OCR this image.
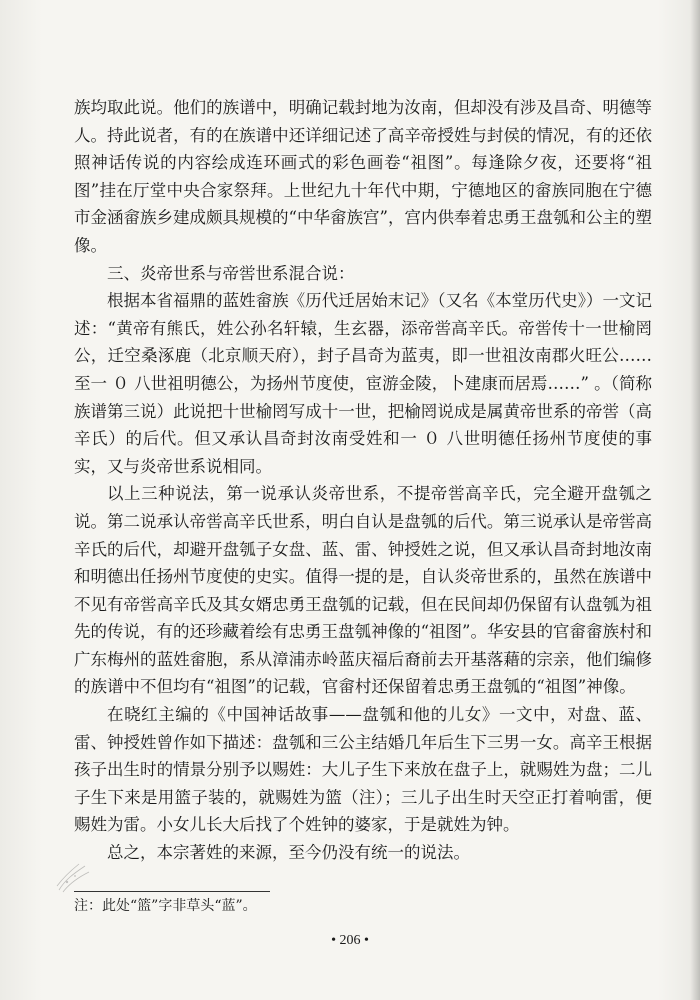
族均取此说。他们的族谱中，明确记载封地为汝南，但却没有涉及昌奇、明德等人。持此说者，有的在族谱中还详细记述了高辛帝授姓与封侯的情况，有的还依照神话传说的内容绘成连环画式的彩色画卷“祖图”。每逢除夕夜，还要将“祖图”挂在厅堂中央合家祭拜。上世纪九十年代中期，宁德地区的畲族同胞在宁德市金涵畲族乡建成颇具规模的“中华畲族宫”，宫内供奉着忠勇王盘瓠和公主的塑像。

三、炎帝世系与帝喾世系混合说：

根据本省福鼎的蓝姓畲族《历代迁居始末记》（又名《本堂历代史》）一文记述：“黄帝有熊氏，姓公孙名轩辕，生玄器，添帝喾高辛氏。帝喾传十一世榆罔公，迁空桑涿鹿（北京顺天府），封子昌奇为蓝夷，即一世祖汝南郡火旺公……至一 ０ 八世祖明德公，为扬州节度使，宦游金陵，卜建康而居焉……” 。（简称族谱第三说）此说把十世榆罔写成十一世，把榆罔说成是属黄帝世系的帝喾（高辛氏）的后代。但又承认昌奇封汝南受姓和一 ０ 八世明德任扬州节度使的事实，又与炎帝世系说相同。

以上三种说法，第一说承认炎帝世系，不提帝喾高辛氏，完全避开盘瓠之说。第二说承认帝喾高辛氏世系，明白自认是盘瓠的后代。第三说承认是帝喾高辛氏的后代，却避开盘瓠子女盘、蓝、雷、钟授姓之说，但又承认昌奇封地汝南和明德出任扬州节度使的史实。值得一提的是，自认炎帝世系的，虽然在族谱中不见有帝喾高辛氏及其女婿忠勇王盘瓠的记载，但在民间却仍保留有认盘瓠为祖先的传说，有的还珍藏着绘有忠勇王盘瓠神像的“祖图”。华安县的官畲畲族村和广东梅州的蓝姓畲胞，系从漳浦赤岭蓝庆福后裔前去开基落藉的宗亲，他们编修的族谱中不但均有“祖图”的记载，官畲村还保留着忠勇王盘瓠的“祖图”神像。

在晓红主编的《中国神话故事——盘瓠和他的儿女》一文中，对盘、蓝、雷、钟授姓曾作如下描述：盘瓠和三公主结婚几年后生下三男一女。高辛王根据孩子出生时的情景分别予以赐姓：大儿子生下来放在盘子上，就赐姓为盘；二儿子生下来是用篮子装的，就赐姓为篮（注）；三儿子出生时天空正打着响雷，便赐姓为雷。小女儿长大后找了个姓钟的婆家，于是就姓为钟。

总之，本宗著姓的来源，至今仍没有统一的说法。

注：此处“篮”字非草头“蓝”。
• 206 •
